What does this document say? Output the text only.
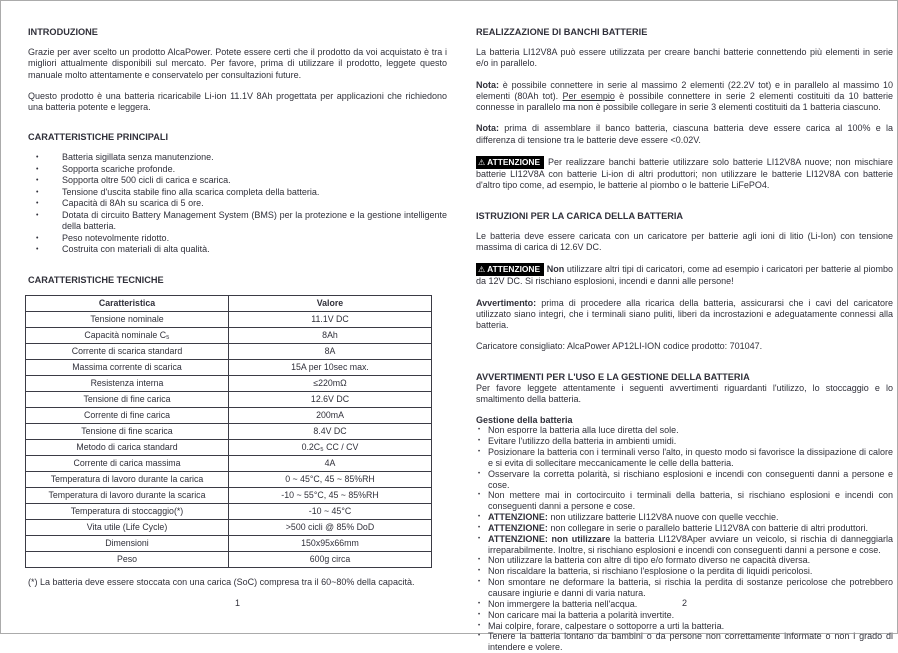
INTRODUZIONE

Grazie per aver scelto un prodotto AlcaPower. Potete essere certi che il prodotto da voi acquistato è tra i migliori attualmente disponibili sul mercato. Per favore, prima di utilizzare il prodotto, leggete questo manuale molto attentamente e conservatelo per consultazioni future.

Questo prodotto è una batteria ricaricabile Li-ion 11.1V 8Ah progettata per applicazioni che richiedono una batteria potente e leggera.

CARATTERISTICHE PRINCIPALI
• Batteria sigillata senza manutenzione.
• Sopporta scariche profonde.
• Sopporta oltre 500 cicli di carica e scarica.
• Tensione d'uscita stabile fino alla scarica completa della batteria.
• Capacità di 8Ah su scarica di 5 ore.
• Dotata di circuito Battery Management System (BMS) per la protezione e la gestione intelligente della batteria.
• Peso notevolmente ridotto.
• Costruita con materiali di alta qualità.
CARATTERISTICHE TECNICHE
Caratteristica	Valore
Tensione nominale	11.1V DC
Capacità nominale C₅	8Ah
Corrente di scarica standard	8A
Massima corrente di scarica	15A per 10sec max.
Resistenza interna	≤220mΩ
Tensione di fine carica	12.6V DC
Corrente di fine carica	200mA
Tensione di fine scarica	8.4V DC
Metodo di carica standard	0.2C₅ CC / CV
Corrente di carica massima	4A
Temperatura di lavoro durante la carica	0 ~ 45°C, 45 ~ 85%RH
Temperatura di lavoro durante la scarica	-10 ~ 55°C, 45 ~ 85%RH
Temperatura di stoccaggio(*)	-10 ~ 45°C
Vita utile (Life Cycle)	>500 cicli @ 85% DoD
Dimensioni	150x95x66mm
Peso	600g circa

(*) La batteria deve essere stoccata con una carica (SoC) compresa tra il 60~80% della capacità.

1
REALIZZAZIONE DI BANCHI BATTERIE

La batteria LI12V8A può essere utilizzata per creare banchi batterie connettendo più elementi in serie e/o in parallelo.

Nota: è possibile connettere in serie al massimo 2 elementi (22.2V tot) e in parallelo al massimo 10 elementi (80Ah tot). Per esempio è possibile connettere in serie 2 elementi costituiti da 10 batterie connesse in parallelo ma non è possibile collegare in serie 3 elementi costituiti da 1 batteria ciascuno.

Nota: prima di assemblare il banco batteria, ciascuna batteria deve essere carica al 100% e la differenza di tensione tra le batterie deve essere <0.02V.

⚠ ATTENZIONE Per realizzare banchi batterie utilizzare solo batterie LI12V8A nuove; non mischiare batterie LI12V8A con batterie Li-ion di altri produttori; non utilizzare le batterie LI12V8A con batterie d'altro tipo come, ad esempio, le batterie al piombo o le batterie LiFePO4.

ISTRUZIONI PER LA CARICA DELLA BATTERIA

Le batteria deve essere caricata con un caricatore per batterie agli ioni di litio (Li-Ion) con tensione massima di carica di 12.6V DC.

⚠ ATTENZIONE Non utilizzare altri tipi di caricatori, come ad esempio i caricatori per batterie al piombo da 12V DC. Si rischiano esplosioni, incendi e danni alle persone!

Avvertimento: prima di procedere alla ricarica della batteria, assicurarsi che i cavi del caricatore utilizzato siano integri, che i terminali siano puliti, liberi da incrostazioni e adeguatamente connessi alla batteria.

Caricatore consigliato: AlcaPower AP12LI-ION codice prodotto: 701047.

AVVERTIMENTI PER L'USO E LA GESTIONE DELLA BATTERIA

Per favore leggete attentamente i seguenti avvertimenti riguardanti l'utilizzo, lo stoccaggio e lo smaltimento della batteria.

Gestione della batteria
• Non esporre la batteria alla luce diretta del sole.
• Evitare l'utilizzo della batteria in ambienti umidi.
• Posizionare la batteria con i terminali verso l'alto, in questo modo si favorisce la dissipazione di calore e si evita di sollecitare meccanicamente le celle della batteria.
• Osservare la corretta polarità, si rischiano esplosioni e incendi con conseguenti danni a persone e cose.
• Non mettere mai in cortocircuito i terminali della batteria, si rischiano esplosioni e incendi con conseguenti danni a persone e cose.
• ATTENZIONE: non utilizzare batterie LI12V8A nuove con quelle vecchie.
• ATTENZIONE: non collegare in serie o parallelo batterie LI12V8A con batterie di altri produttori.
• ATTENZIONE: non utilizzare la batteria LI12V8Aper avviare un veicolo, si rischia di danneggiarla irreparabilmente. Inoltre, si rischiano esplosioni e incendi con conseguenti danni a persone e cose.
• Non utilizzare la batteria con altre di tipo e/o formato diverso ne capacità diversa.
• Non riscaldare la batteria, si rischiano l'esplosione o la perdita di liquidi pericolosi.
• Non smontare ne deformare la batteria, si rischia la perdita di sostanze pericolose che potrebbero causare ingiurie e danni di varia natura.
• Non immergere la batteria nell'acqua.
• Non caricare mai la batteria a polarità invertite.
• Mai colpire, forare, calpestare o sottoporre a urti la batteria.
• Tenere la batteria lontano da bambini o da persone non correttamente informate o non i grado di intendere e volere.
2
